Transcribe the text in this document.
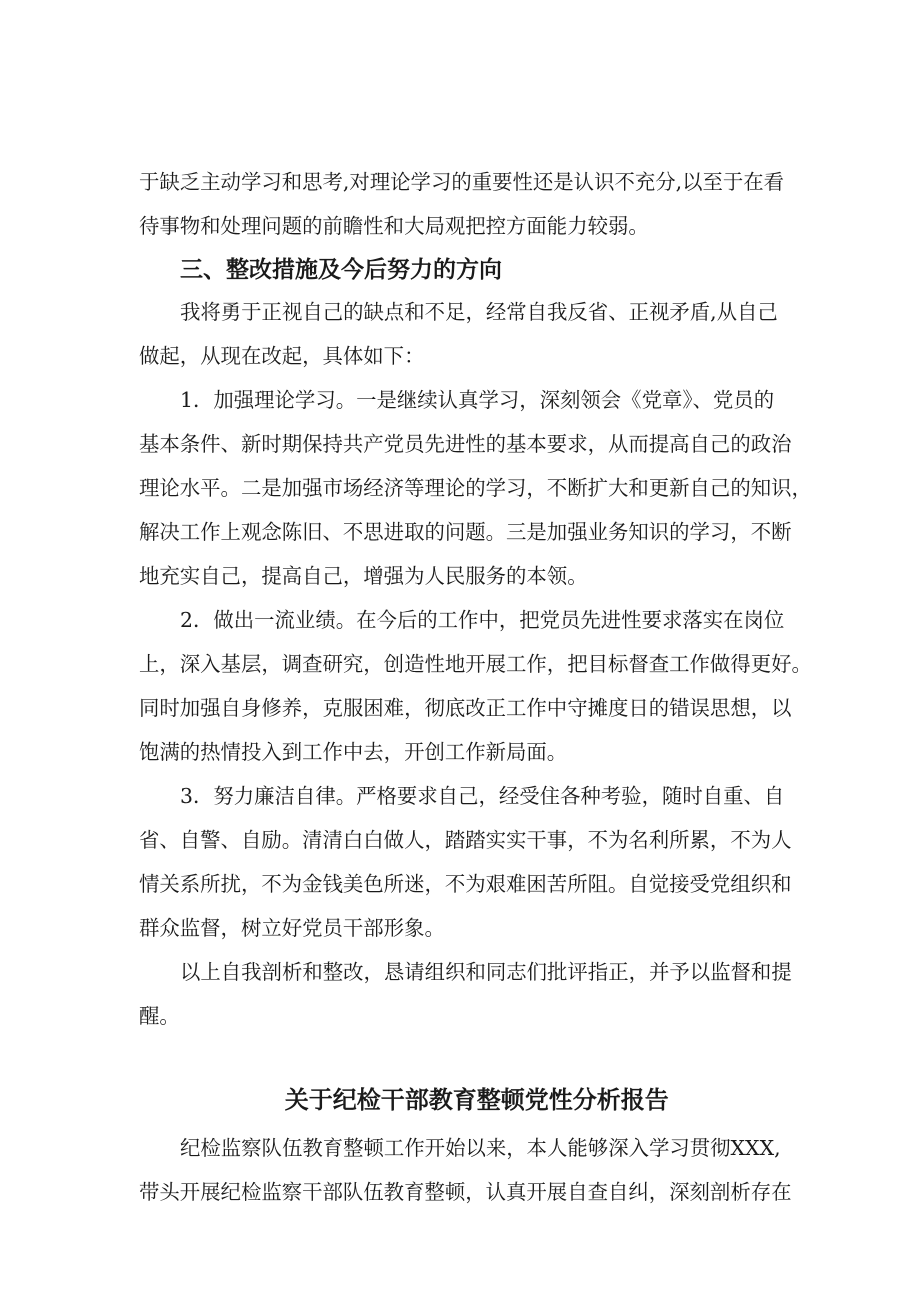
于缺乏主动学习和思考,对理论学习的重要性还是认识不充分,以至于在看

待事物和处理问题的前瞻性和大局观把控方面能力较弱。

三、整改措施及今后努力的方向

我将勇于正视自己的缺点和不足，经常自我反省、正视矛盾,从自己

做起，从现在改起，具体如下：

1．加强理论学习。一是继续认真学习，深刻领会《党章》、党员的

基本条件、新时期保持共产党员先进性的基本要求，从而提高自己的政治

理论水平。二是加强市场经济等理论的学习，不断扩大和更新自己的知识，

解决工作上观念陈旧、不思进取的问题。三是加强业务知识的学习，不断

地充实自己，提高自己，增强为人民服务的本领。

2．做出一流业绩。在今后的工作中，把党员先进性要求落实在岗位

上，深入基层，调查研究，创造性地开展工作，把目标督查工作做得更好。

同时加强自身修养，克服困难，彻底改正工作中守摊度日的错误思想，以

饱满的热情投入到工作中去，开创工作新局面。

3．努力廉洁自律。严格要求自己，经受住各种考验，随时自重、自

省、自警、自励。清清白白做人，踏踏实实干事，不为名利所累，不为人

情关系所扰，不为金钱美色所迷，不为艰难困苦所阻。自觉接受党组织和

群众监督，树立好党员干部形象。

以上自我剖析和整改，恳请组织和同志们批评指正，并予以监督和提

醒。

关于纪检干部教育整顿党性分析报告

纪检监察队伍教育整顿工作开始以来，本人能够深入学习贯彻XXX,

带头开展纪检监察干部队伍教育整顿，认真开展自查自纠，深刻剖析存在
